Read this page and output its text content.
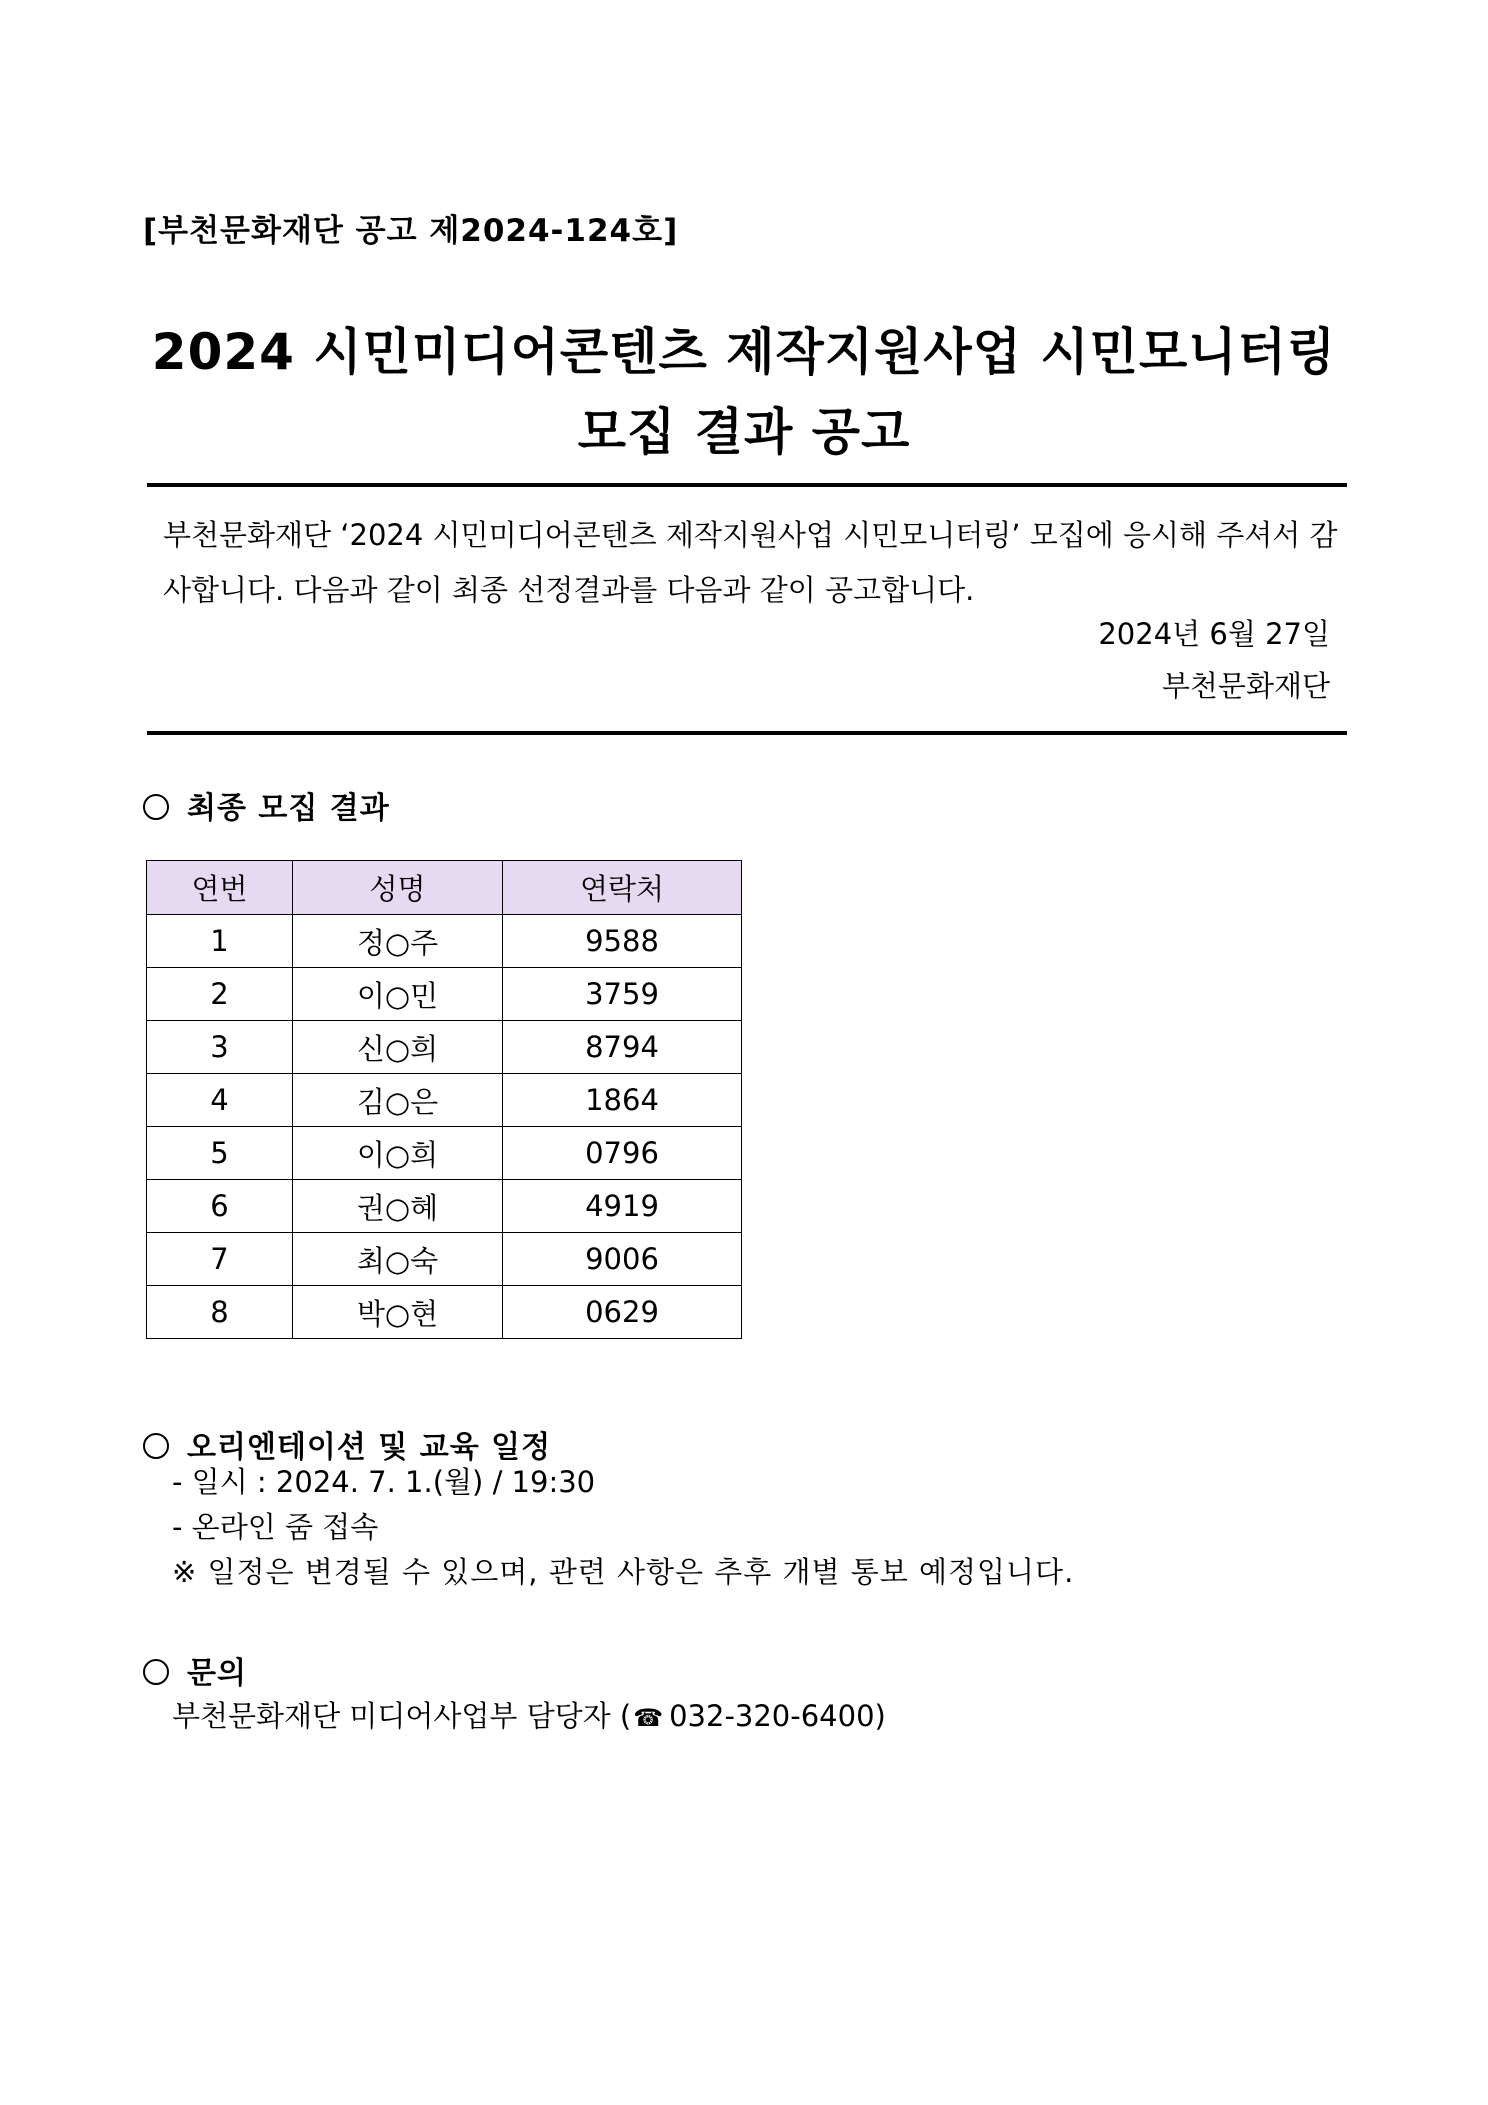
[부천문화재단 공고 제2024-124호]
2024 시민미디어콘텐츠 제작지원사업 시민모니터링
모집 결과 공고
부천문화재단 ‘2024 시민미디어콘텐츠 제작지원사업 시민모니터링’ 모집에 응시해 주셔서 감사합니다. 다음과 같이 최종 선정결과를 다음과 같이 공고합니다.
2024년 6월 27일
부천문화재단
최종 모집 결과
연번	성명	연락처
1	정○주	9588
2	이○민	3759
3	신○희	8794
4	김○은	1864
5	이○희	0796
6	권○혜	4919
7	최○숙	9006
8	박○현	0629
오리엔테이션 및 교육 일정
- 일시 : 2024. 7. 1.(월) / 19:30
- 온라인 줌 접속
※ 일정은 변경될 수 있으며, 관련 사항은 추후 개별 통보 예정입니다.
문의
부천문화재단 미디어사업부 담당자 (☎ 032-320-6400)
